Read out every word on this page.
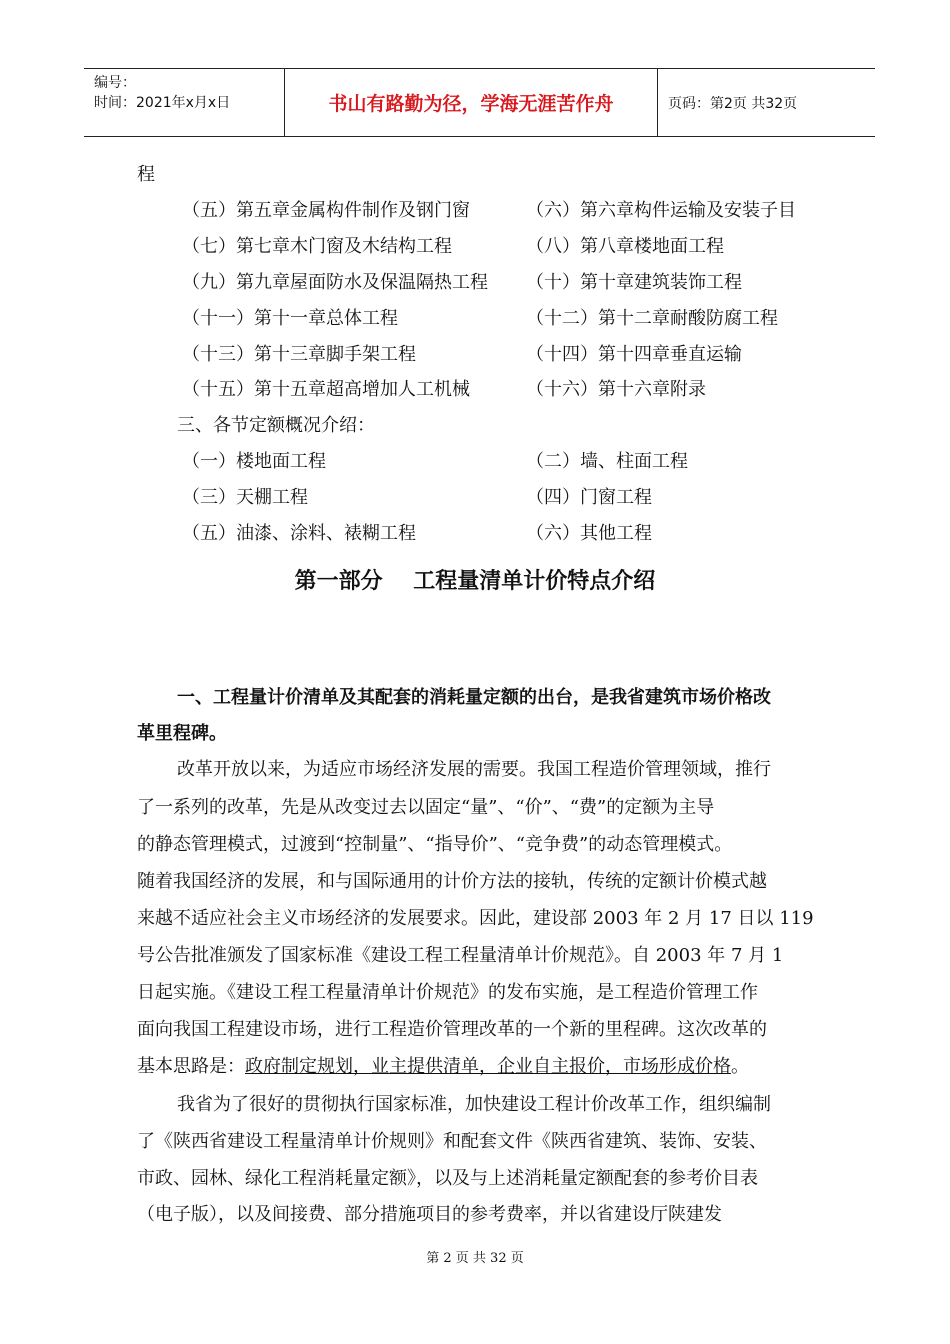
编号：
时间：2021年x月x日	书山有路勤为径，学海无涯苦作舟	页码：第2页 共32页
程
（五）第五章金属构件制作及钢门窗	（六）第六章构件运输及安装子目
（七）第七章木门窗及木结构工程	（八）第八章楼地面工程
（九）第九章屋面防水及保温隔热工程 （十）第十章建筑装饰工程
（十一）第十一章总体工程	（十二）第十二章耐酸防腐工程
（十三）第十三章脚手架工程	（十四）第十四章垂直运输
（十五）第十五章超高增加人工机械	（十六）第十六章附录
三、各节定额概况介绍：
（一）楼地面工程	（二）墙、柱面工程
（三）天棚工程	（四）门窗工程
（五）油漆、涂料、裱糊工程	（六）其他工程
第一部分    工程量清单计价特点介绍
一、工程量计价清单及其配套的消耗量定额的出台，是我省建筑市场价格改
革里程碑。
改革开放以来，为适应市场经济发展的需要。我国工程造价管理领域，推行
了一系列的改革，先是从改变过去以固定“量”、“价”、“费”的定额为主导
的静态管理模式，过渡到“控制量”、“指导价”、“竞争费”的动态管理模式。
随着我国经济的发展，和与国际通用的计价方法的接轨，传统的定额计价模式越
来越不适应社会主义市场经济的发展要求。因此，建设部 2003 年 2 月 17 日以 119
号公告批准颁发了国家标准《建设工程工程量清单计价规范》。自 2003 年 7 月 1
日起实施。《建设工程工程量清单计价规范》的发布实施，是工程造价管理工作
面向我国工程建设市场，进行工程造价管理改革的一个新的里程碑。这次改革的
基本思路是：政府制定规划，业主提供清单，企业自主报价，市场形成价格。
我省为了很好的贯彻执行国家标准，加快建设工程计价改革工作，组织编制
了《陕西省建设工程量清单计价规则》和配套文件《陕西省建筑、装饰、安装、
市政、园林、绿化工程消耗量定额》，以及与上述消耗量定额配套的参考价目表
（电子版），以及间接费、部分措施项目的参考费率，并以省建设厅陕建发
第 2 页 共 32 页
